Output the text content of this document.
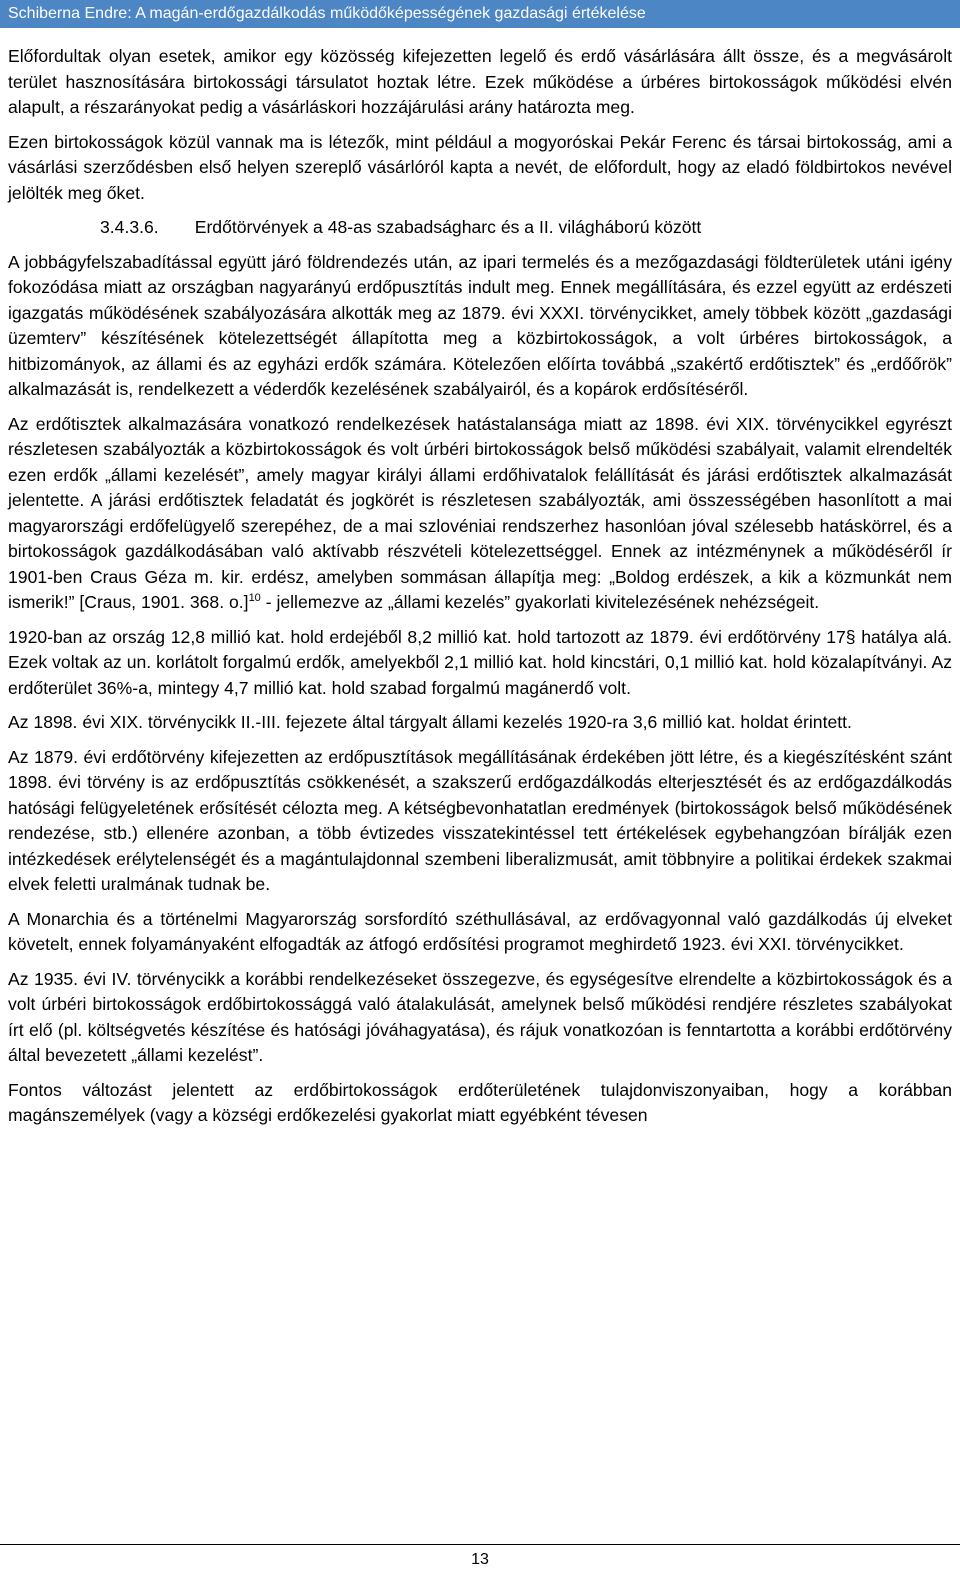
Schiberna Endre: A magán-erdőgazdálkodás működőképességének gazdasági értékelése

Előfordultak olyan esetek, amikor egy közösség kifejezetten legelő és erdő vásárlására állt össze, és a megvásárolt terület hasznosítására birtokossági társulatot hoztak létre. Ezek működése a úrbéres birtokosságok működési elvén alapult, a részarányokat pedig a vásárláskori hozzájárulási arány határozta meg.

Ezen birtokosságok közül vannak ma is létezők, mint például a mogyoróskai Pekár Ferenc és társai birtokosság, ami a vásárlási szerződésben első helyen szereplő vásárlóról kapta a nevét, de előfordult, hogy az eladó földbirtokos nevével jelölték meg őket.

3.4.3.6.	Erdőtörvények a 48-as szabadságharc és a II. világháború között

A jobbágyfelszabadítással együtt járó földrendezés után, az ipari termelés és a mezőgazdasági földterületek utáni igény fokozódása miatt az országban nagyarányú erdőpusztítás indult meg. Ennek megállítására, és ezzel együtt az erdészeti igazgatás működésének szabályozására alkották meg az 1879. évi XXXI. törvénycikket, amely többek között „gazdasági üzemterv” készítésének kötelezettségét állapította meg a közbirtokosságok, a volt úrbéres birtokosságok, a hitbizományok, az állami és az egyházi erdők számára. Kötelezően előírta továbbá „szakértő erdőtisztek” és „erdőőrök” alkalmazását is, rendelkezett a véderdők kezelésének szabályairól, és a kopárok erdősítéséről.

Az erdőtisztek alkalmazására vonatkozó rendelkezések hatástalansága miatt az 1898. évi XIX. törvénycikkel egyrészt részletesen szabályozták a közbirtokosságok és volt úrbéri birtokosságok belső működési szabályait, valamit elrendelték ezen erdők „állami kezelését”, amely magyar királyi állami erdőhivatalok felállítását és járási erdőtisztek alkalmazását jelentette. A járási erdőtisztek feladatát és jogkörét is részletesen szabályozták, ami összességében hasonlított a mai magyarországi erdőfelügyelő szerepéhez, de a mai szlovéniai rendszerhez hasonlóan jóval szélesebb hatáskörrel, és a birtokosságok gazdálkodásában való aktívabb részvételi kötelezettséggel. Ennek az intézménynek a működéséről ír 1901-ben Craus Géza m. kir. erdész, amelyben sommásan állapítja meg: „Boldog erdészek, a kik a közmunkát nem ismerik!” [Craus, 1901. 368. o.]$^{10}$ - jellemezve az „állami kezelés” gyakorlati kivitelezésének nehézségeit.

1920-ban az ország 12,8 millió kat. hold erdejéből 8,2 millió kat. hold tartozott az 1879. évi erdőtörvény 17§ hatálya alá. Ezek voltak az un. korlátolt forgalmú erdők, amelyekből 2,1 millió kat. hold kincstári, 0,1 millió kat. hold közalapítványi. Az erdőterület 36%-a, mintegy 4,7 millió kat. hold szabad forgalmú magánerdő volt.

Az 1898. évi XIX. törvénycikk II.-III. fejezete által tárgyalt állami kezelés 1920-ra 3,6 millió kat. holdat érintett.

Az 1879. évi erdőtörvény kifejezetten az erdőpusztítások megállításának érdekében jött létre, és a kiegészítésként szánt 1898. évi törvény is az erdőpusztítás csökkenését, a szakszerű erdőgazdálkodás elterjesztését és az erdőgazdálkodás hatósági felügyeletének erősítését célozta meg. A kétségbevonhatatlan eredmények (birtokosságok belső működésének rendezése, stb.) ellenére azonban, a több évtizedes visszatekintéssel tett értékelések egybehangzóan bírálják ezen intézkedések erélytelenségét és a magántulajdonnal szembeni liberalizmusát, amit többnyire a politikai érdekek szakmai elvek feletti uralmának tudnak be.

A Monarchia és a történelmi Magyarország sorsfordító széthullásával, az erdővagyonnal való gazdálkodás új elveket követelt, ennek folyamányaként elfogadták az átfogó erdősítési programot meghirdető 1923. évi XXI. törvénycikket.

Az 1935. évi IV. törvénycikk a korábbi rendelkezéseket összegezve, és egységesítve elrendelte a közbirtokosságok és a volt úrbéri birtokosságok erdőbirtokossággá való átalakulását, amelynek belső működési rendjére részletes szabályokat írt elő (pl. költségvetés készítése és hatósági jóváhagyatása), és rájuk vonatkozóan is fenntartotta a korábbi erdőtörvény által bevezetett „állami kezelést”.

Fontos változást jelentett az erdőbirtokosságok erdőterületének tulajdonviszonyaiban, hogy a korábban magánszemélyek (vagy a községi erdőkezelési gyakorlat miatt egyébként tévesen

13
